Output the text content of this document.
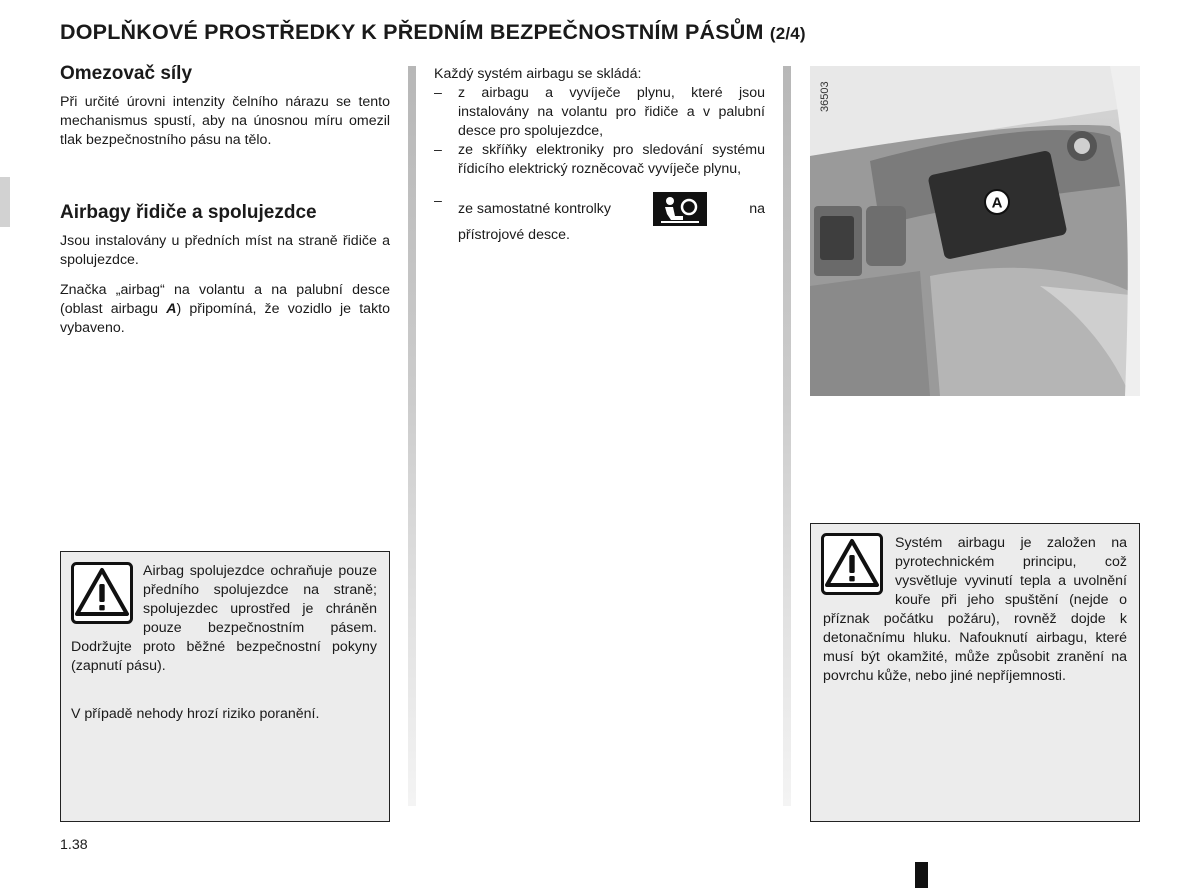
DOPLŇKOVÉ PROSTŘEDKY K PŘEDNÍM BEZPEČNOSTNÍM PÁSŮM (2/4)
Omezovač síly

Při určité úrovni intenzity čelního nárazu se tento mechanismus spustí, aby na únosnou míru omezil tlak bezpečnostního pásu na tělo.

Airbagy řidiče a spolujezdce

Jsou instalovány u předních míst na straně řidiče a spolujezdce.

Značka „airbag“ na volantu a na palubní desce (oblast airbagu A) připomíná, že vozidlo je takto vybaveno.

Airbag spolujezdce ochraňuje pouze předního spolujezdce na straně; spolujezdec uprostřed je chráněn pouze bezpečnostním pásem. Dodržujte proto běžné bezpečnostní pokyny (zapnutí pásu).

V případě nehody hrozí riziko poranění.

Každý systém airbagu se skládá:

– z airbagu a vyvíječe plynu, které jsou instalovány na volantu pro řidiče a v palubní desce pro spolujezdce,
– ze skříňky elektroniky pro sledování systému řídicího elektrický rozněcovač vyvíječe plynu,
– ze samostatné kontrolky	na
přístrojové desce.
A
36503

Systém airbagu je založen na pyrotechnickém principu, což vysvětluje vyvinutí tepla a uvolnění kouře při jeho spuštění (nejde o příznak počátku požáru), rovněž dojde k detonačnímu hluku. Nafouknutí airbagu, které musí být okamžité, může způsobit zranění na povrchu kůže, nebo jiné nepříjemnosti.

1.38
